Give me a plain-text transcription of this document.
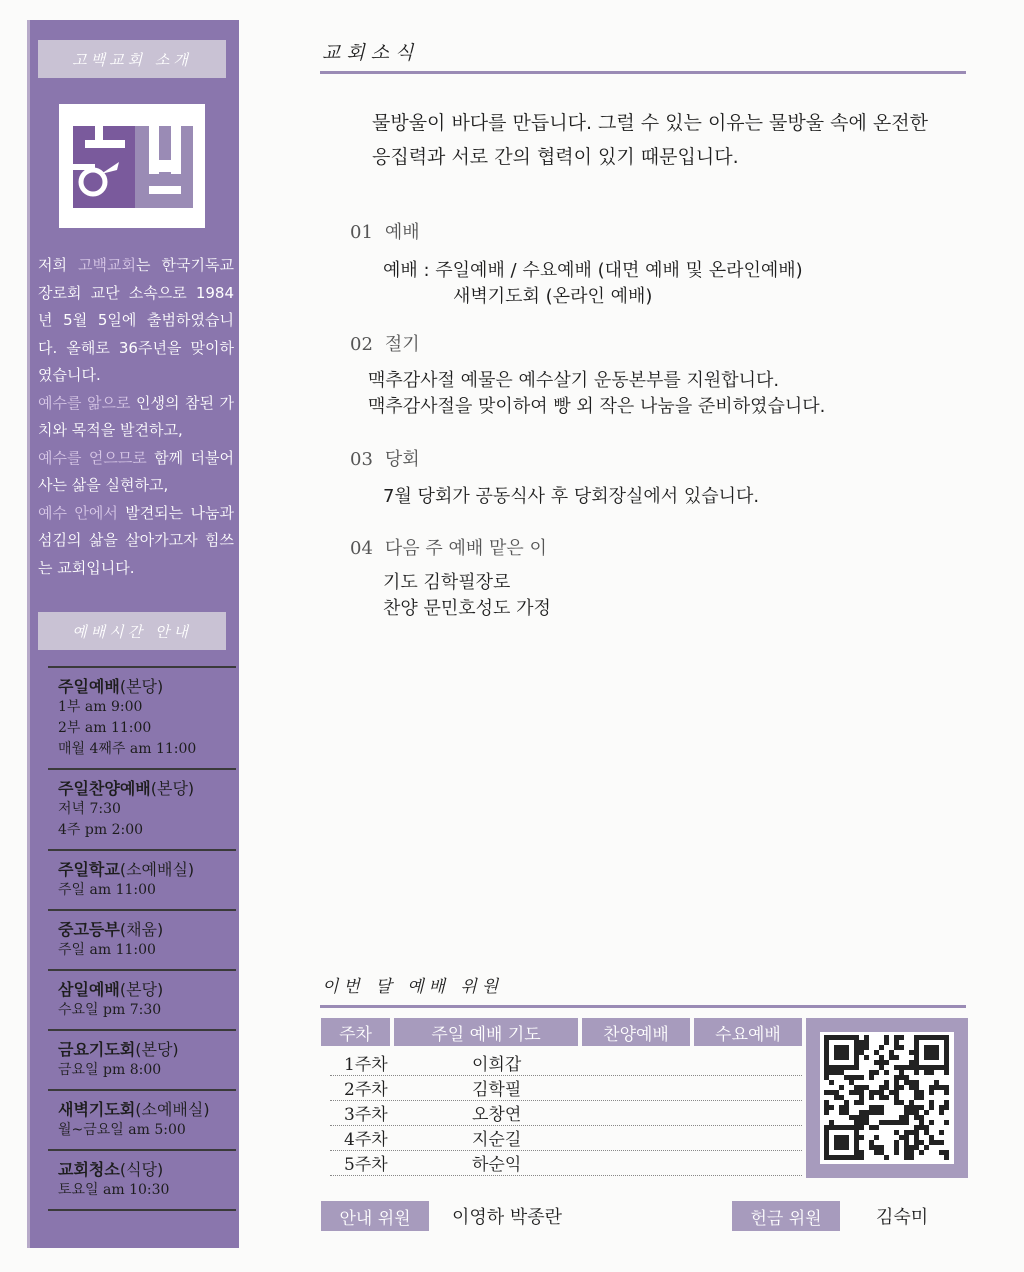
고백교회 소개
저희 고백교회는 한국기독교 장로회 교단 소속으로 1984년 5월 5일에 출범하였습니다. 올해로 36주년을 맞이하였습니다.
예수를 앎으로 인생의 참된 가치와 목적을 발견하고,
예수를 얻으므로 함께 더불어 사는 삶을 실현하고,
예수 안에서 발견되는 나눔과 섬김의 삶을 살아가고자 힘쓰는 교회입니다.
예배시간 안내
주일예배(본당)
1부 am 9:00
2부 am 11:00
매월 4째주 am 11:00
주일찬양예배(본당)
저녁 7:30
4주 pm 2:00
주일학교(소예배실)
주일 am 11:00
중고등부(채움)
주일 am 11:00
삼일예배(본당)
수요일 pm 7:30
금요기도회(본당)
금요일 pm 8:00
새벽기도회(소예배실)
월~금요일 am 5:00
교회청소(식당)
토요일 am 10:30
교회소식

물방울이 바다를 만듭니다. 그럴 수 있는 이유는 물방울 속에 온전한 응집력과 서로 간의 협력이 있기 때문입니다.

01 예배
예배 : 주일예배 / 수요예배 (대면 예배 및 온라인예배)
새벽기도회 (온라인 예배)
02 절기
맥추감사절 예물은 예수살기 운동본부를 지원합니다.
맥추감사절을 맞이하여 빵 외 작은 나눔을 준비하였습니다.
03 당회
7월 당회가 공동식사 후 당회장실에서 있습니다.
04 다음 주 예배 맡은 이
기도 김학필장로
찬양 문민호성도 가정
이번 달 예배 위원
주차	주일 예배 기도	찬양예배	수요예배
1주차	이희갑
2주차	김학필
3주차	오창연
4주차	지순길
5주차	하순익
안내 위원	이영하 박종란	헌금 위원	김숙미
